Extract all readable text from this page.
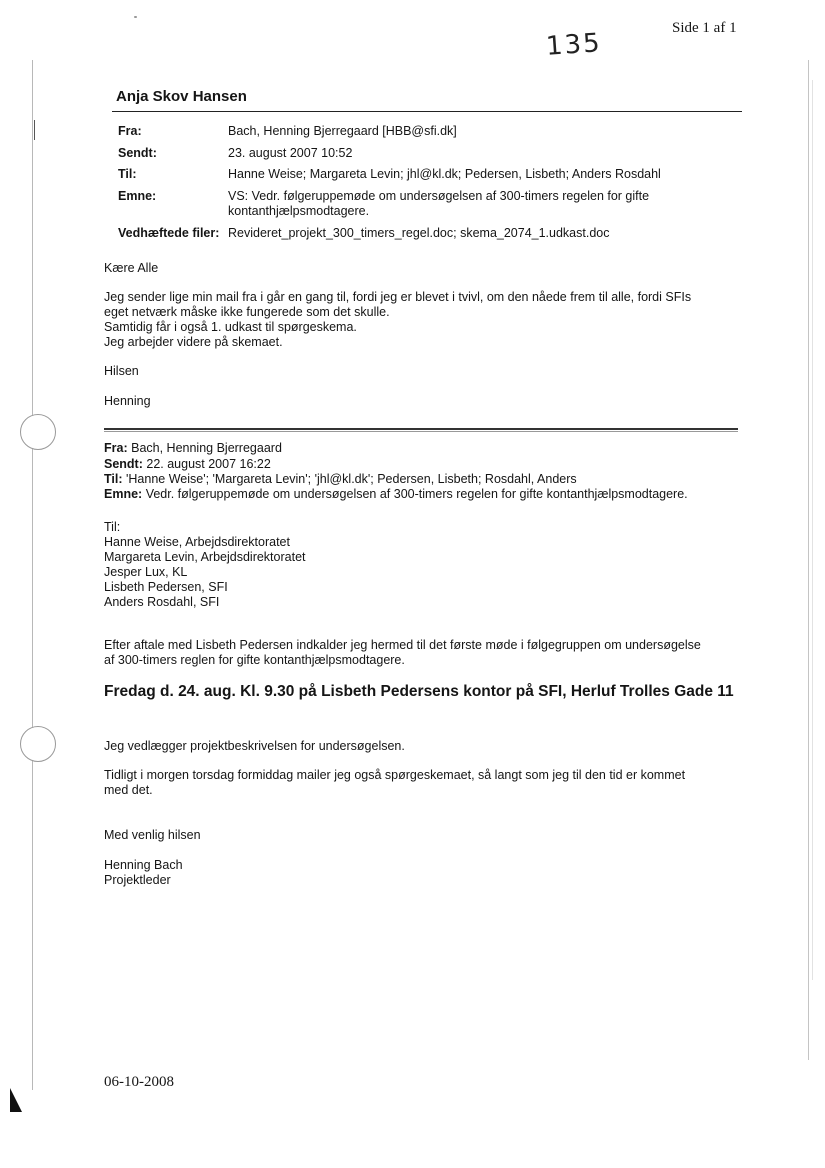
Side 1 af 1
135
Anja Skov Hansen
Fra:	Bach, Henning Bjerregaard [HBB@sfi.dk]
Sendt:	23. august 2007 10:52
Til:	Hanne Weise; Margareta Levin; jhl@kl.dk; Pedersen, Lisbeth; Anders Rosdahl
Emne:	VS: Vedr. følgeruppemøde om undersøgelsen af 300-timers regelen for gifte
kontanthjælpsmodtagere.
Vedhæftede filer: Revideret_projekt_300_timers_regel.doc; skema_2074_1.udkast.doc
Kære Alle
Jeg sender lige min mail fra i går en gang til, fordi jeg er blevet i tvivl, om den nåede frem til alle, fordi SFIs
eget netværk måske ikke fungerede som det skulle.
Samtidig får i også 1. udkast til spørgeskema.
Jeg arbejder videre på skemaet.
Hilsen
Henning
Fra: Bach, Henning Bjerregaard
Sendt: 22. august 2007 16:22
Til: 'Hanne Weise'; 'Margareta Levin'; 'jhl@kl.dk'; Pedersen, Lisbeth; Rosdahl, Anders
Emne: Vedr. følgeruppemøde om undersøgelsen af 300-timers regelen for gifte kontanthjælpsmodtagere.
Til:
Hanne Weise, Arbejdsdirektoratet
Margareta Levin, Arbejdsdirektoratet
Jesper Lux, KL
Lisbeth Pedersen, SFI
Anders Rosdahl, SFI
Efter aftale med Lisbeth Pedersen indkalder jeg hermed til det første møde i følgegruppen om undersøgelse
af 300-timers reglen for gifte kontanthjælpsmodtagere.
Fredag d. 24. aug. Kl. 9.30 på Lisbeth Pedersens kontor på SFI, Herluf Trolles Gade 11
Jeg vedlægger projektbeskrivelsen for undersøgelsen.
Tidligt i morgen torsdag formiddag mailer jeg også spørgeskemaet, så langt som jeg til den tid er kommet
med det.
Med venlig hilsen
Henning Bach
Projektleder
06-10-2008
